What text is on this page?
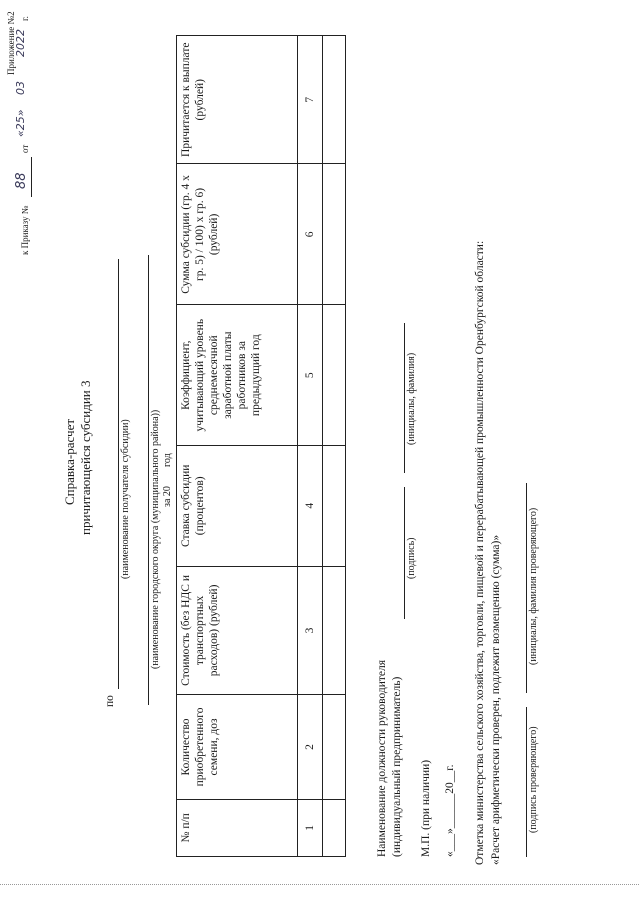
Приложение №2
к Приказу №
88
от
«25»
03
2022
г.
Справка-расчет причитающейся субсидии 3
по
(наименование получателя субсидии) (наименование городского округа (муниципального района)) за 20
год
№ п/п	Количество приобретенного семени, доз	Стоимость (без НДС и транспортных расходов) (рублей)	Ставка субсидии (процентов)	Коэффициент, учитывающий уровень среднемесячной заработной платы работников за предыдущий год	Сумма субсидии (гр. 4 х гр. 5) / 100) х гр. 6) (рублей)	Причитается к выплате (рублей)
1	2	3	4	5	6	7

Наименование должности руководителя (индивидуальный предприниматель)
(подпись)
(инициалы, фамилия)
М.П. (при наличии) «___»______20__г. Отметка министерства сельского хозяйства, торговли, пищевой и перерабатывающей промышленности Оренбургской области: «Расчет арифметически проверен, подлежит возмещению (сумма)»	(подпись проверяющего)
(инициалы, фамилия проверяющего)
